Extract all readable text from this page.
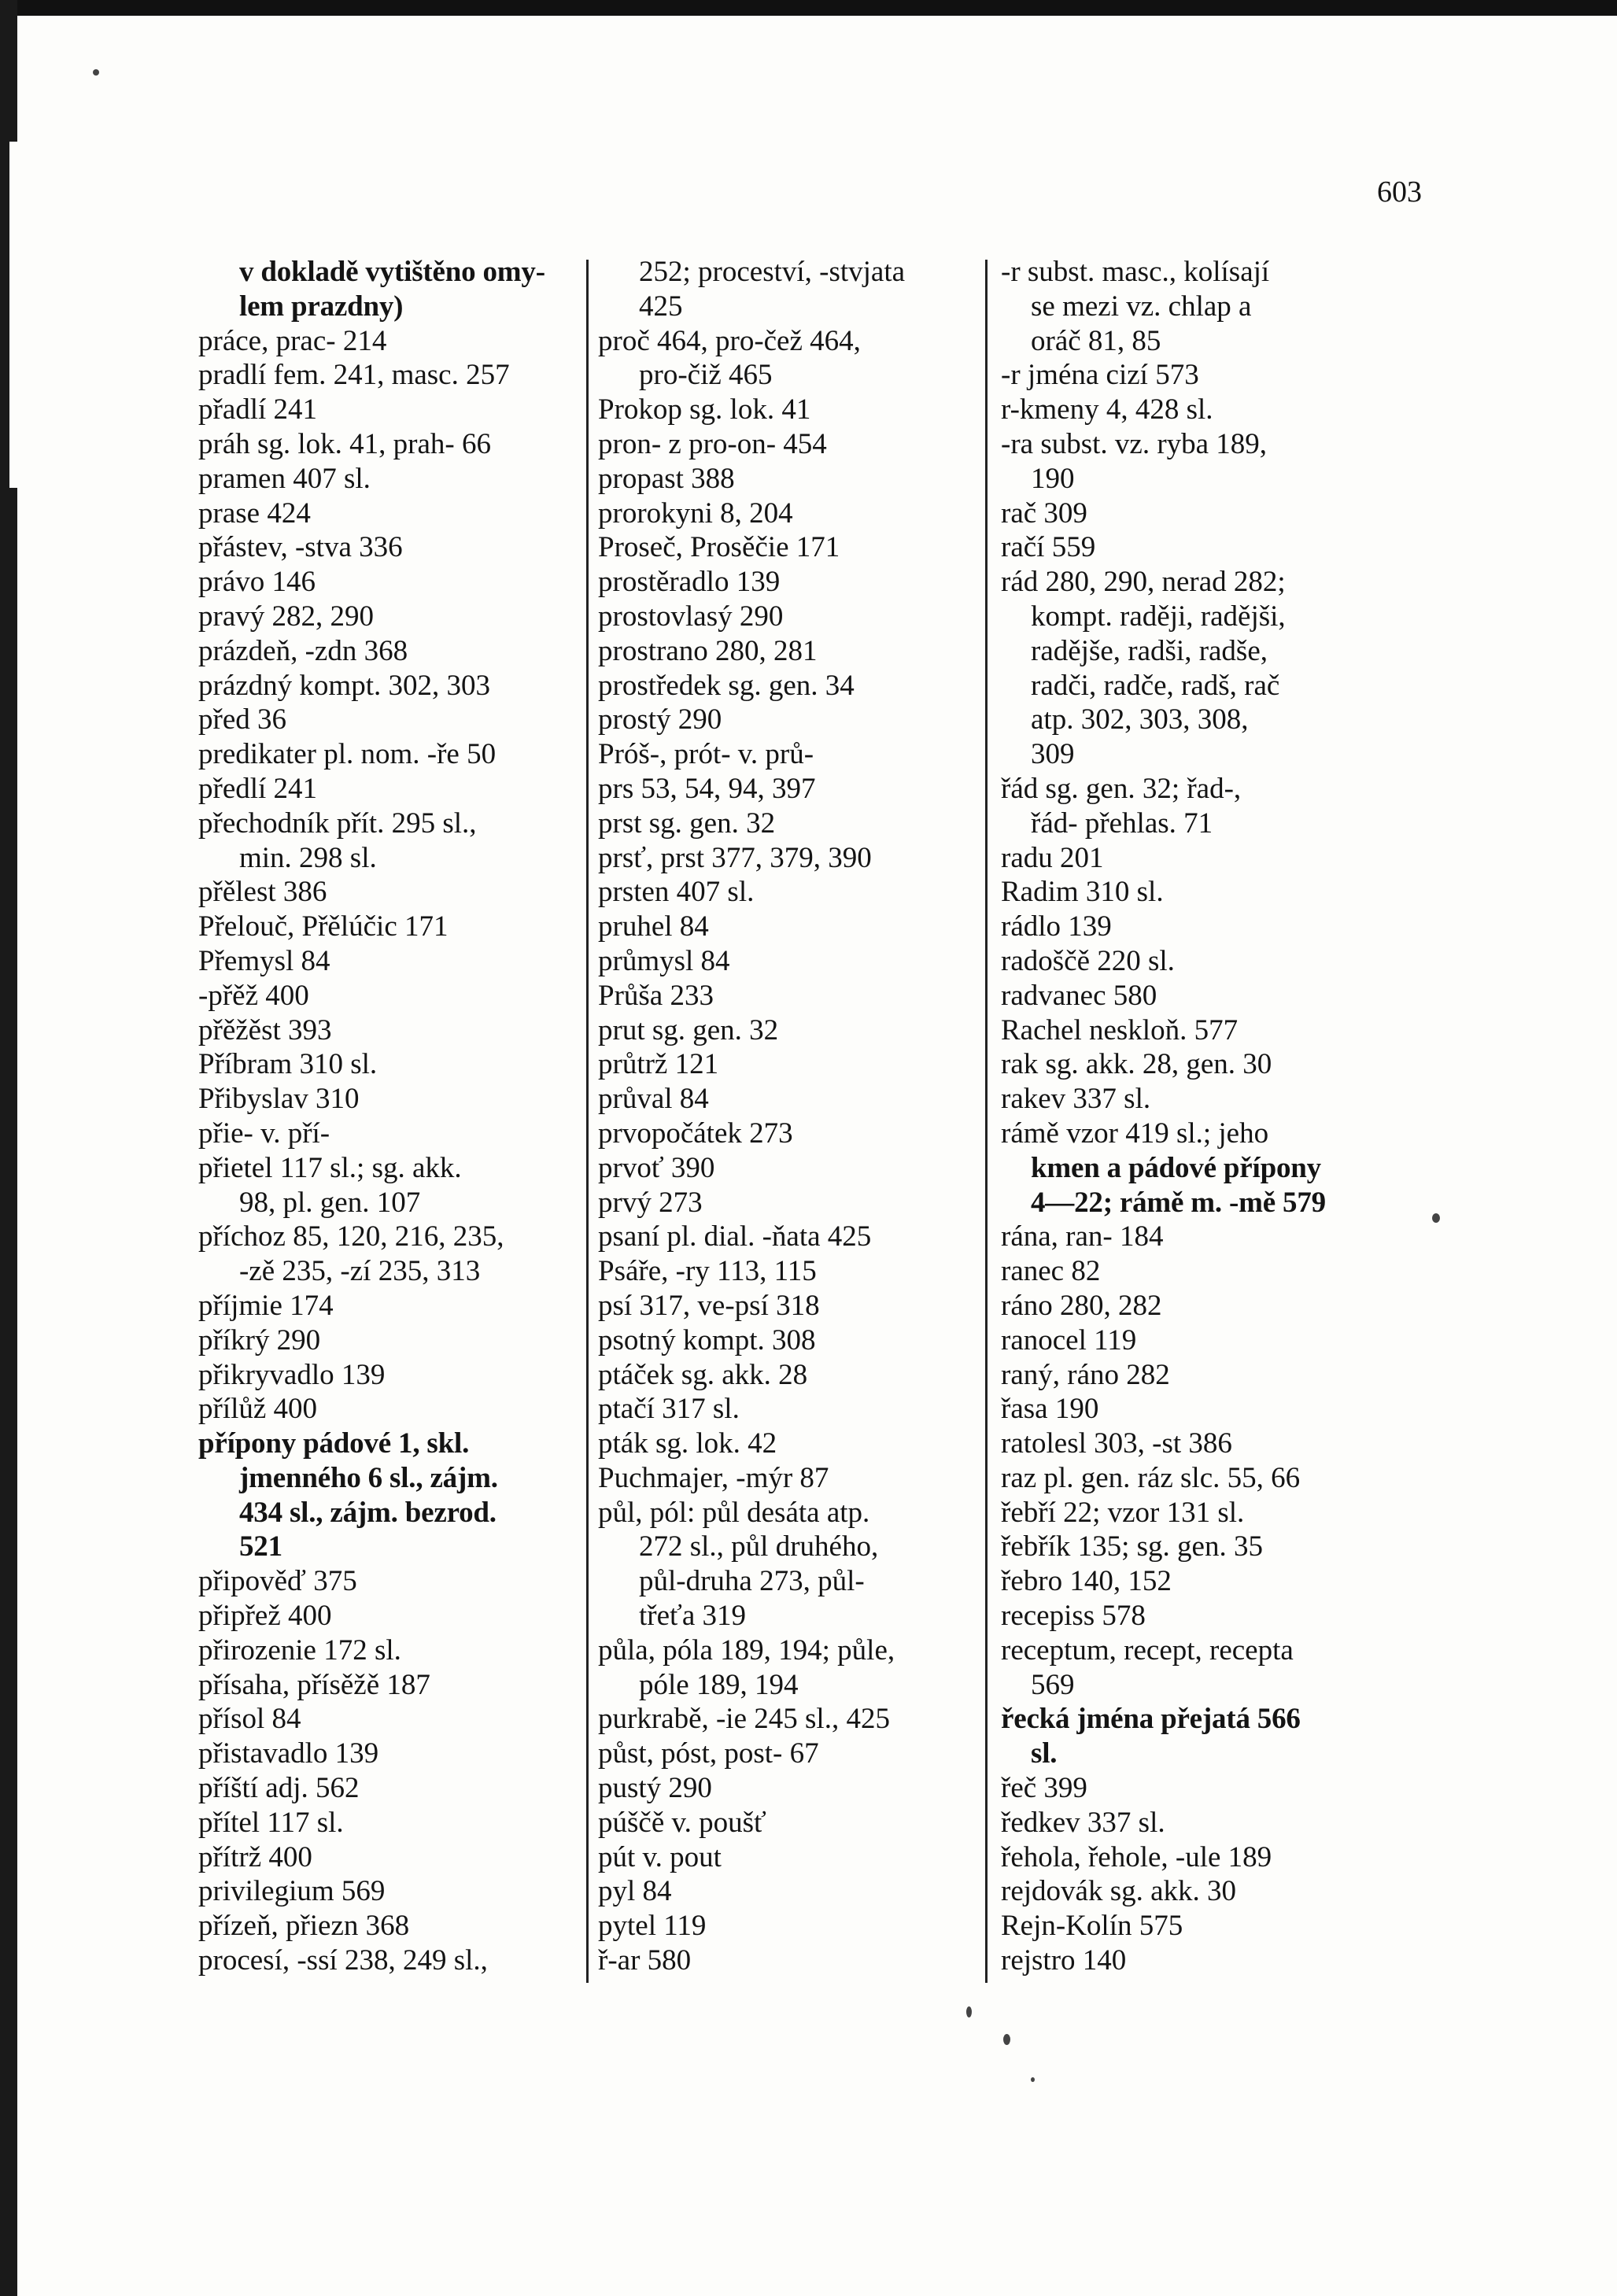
603
v dokladě vytištěno omy-
lem prazdny)
práce, prac- 214
pradlí fem. 241, masc. 257
přadlí 241
práh sg. lok. 41, prah- 66
pramen 407 sl.
prase 424
přástev, -stva 336
právo 146
pravý 282, 290
prázdeň, -zdn 368
prázdný kompt. 302, 303
před 36
predikater pl. nom. -ře 50
předlí 241
přechodník přít. 295 sl.,
min. 298 sl.
přělest 386
Přelouč, Přělúčic 171
Přemysl 84
-přěž 400
přěžěst 393
Příbram 310 sl.
Přibyslav 310
přie- v. pří-
přietel 117 sl.; sg. akk.
98, pl. gen. 107
příchoz 85, 120, 216, 235,
-zě 235, -zí 235, 313
příjmie 174
příkrý 290
přikryvadlo 139
přílůž 400
přípony pádové 1, skl.
jmenného 6 sl., zájm.
434 sl., zájm. bezrod.
521
připověď 375
připřež 400
přirozenie 172 sl.
přísaha, přísěžě 187
přísol 84
přistavadlo 139
příští adj. 562
přítel 117 sl.
přítrž 400
privilegium 569
přízeň, přiezn 368
procesí, -ssí 238, 249 sl.,
252; proceství, -stvjata
425
proč 464, pro-čež 464,
pro-čiž 465
Prokop sg. lok. 41
pron- z pro-on- 454
propast 388
prorokyni 8, 204
Proseč, Prosěčie 171
prostěradlo 139
prostovlasý 290
prostrano 280, 281
prostředek sg. gen. 34
prostý 290
Próš-, prót- v. prů-
prs 53, 54, 94, 397
prst sg. gen. 32
prsť, prst 377, 379, 390
prsten 407 sl.
pruhel 84
průmysl 84
Průša 233
prut sg. gen. 32
průtrž 121
průval 84
prvopočátek 273
prvoť 390
prvý 273
psaní pl. dial. -ňata 425
Psáře, -ry 113, 115
psí 317, ve-psí 318
psotný kompt. 308
ptáček sg. akk. 28
ptačí 317 sl.
pták sg. lok. 42
Puchmajer, -mýr 87
půl, pól: půl desáta atp.
272 sl., půl druhého,
půl-druha 273, půl-
třeťa 319
půla, póla 189, 194; půle,
póle 189, 194
purkrabě, -ie 245 sl., 425
půst, póst, post- 67
pustý 290
púščě v. poušť
pút v. pout
pyl 84
pytel 119
ř-ar 580
-r subst. masc., kolísají
se mezi vz. chlap a
oráč 81, 85
-r jména cizí 573
r-kmeny 4, 428 sl.
-ra subst. vz. ryba 189,
190
rač 309
račí 559
rád 280, 290, nerad 282;
kompt. raději, radějši,
radějše, radši, radše,
radči, radče, radš, rač
atp. 302, 303, 308,
309
řád sg. gen. 32; řad-,
řád- přehlas. 71
radu 201
Radim 310 sl.
rádlo 139
radoščě 220 sl.
radvanec 580
Rachel neskloň. 577
rak sg. akk. 28, gen. 30
rakev 337 sl.
rámě vzor 419 sl.; jeho
kmen a pádové přípony
4—22; rámě m. -mě 579
rána, ran- 184
ranec 82
ráno 280, 282
ranocel 119
raný, ráno 282
řasa 190
ratolesl 303, -st 386
raz pl. gen. ráz slc. 55, 66
řebří 22; vzor 131 sl.
řebřík 135; sg. gen. 35
řebro 140, 152
recepiss 578
receptum, recept, recepta
569
řecká jména přejatá 566
sl.
řeč 399
ředkev 337 sl.
řehola, řehole, -ule 189
rejdovák sg. akk. 30
Rejn-Kolín 575
rejstro 140
